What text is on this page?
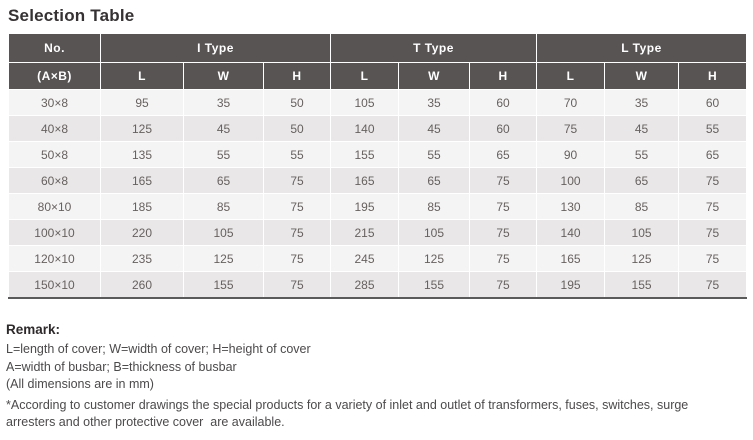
Selection Table
No.	I Type			T Type			L Type		
(A×B)	L	W	H	L	W	H	L	W	H
30×8	95	35	50	105	35	60	70	35	60
40×8	125	45	50	140	45	60	75	45	55
50×8	135	55	55	155	55	65	90	55	65
60×8	165	65	75	165	65	75	100	65	75
80×10	185	85	75	195	85	75	130	85	75
100×10	220	105	75	215	105	75	140	105	75
120×10	235	125	75	245	125	75	165	125	75
150×10	260	155	75	285	155	75	195	155	75
Remark:
L=length of cover; W=width of cover; H=height of cover
A=width of busbar; B=thickness of busbar
(All dimensions are in mm)
*According to customer drawings the special products for a variety of inlet and outlet of transformers, fuses, switches, surge
arresters and other protective cover  are available.
